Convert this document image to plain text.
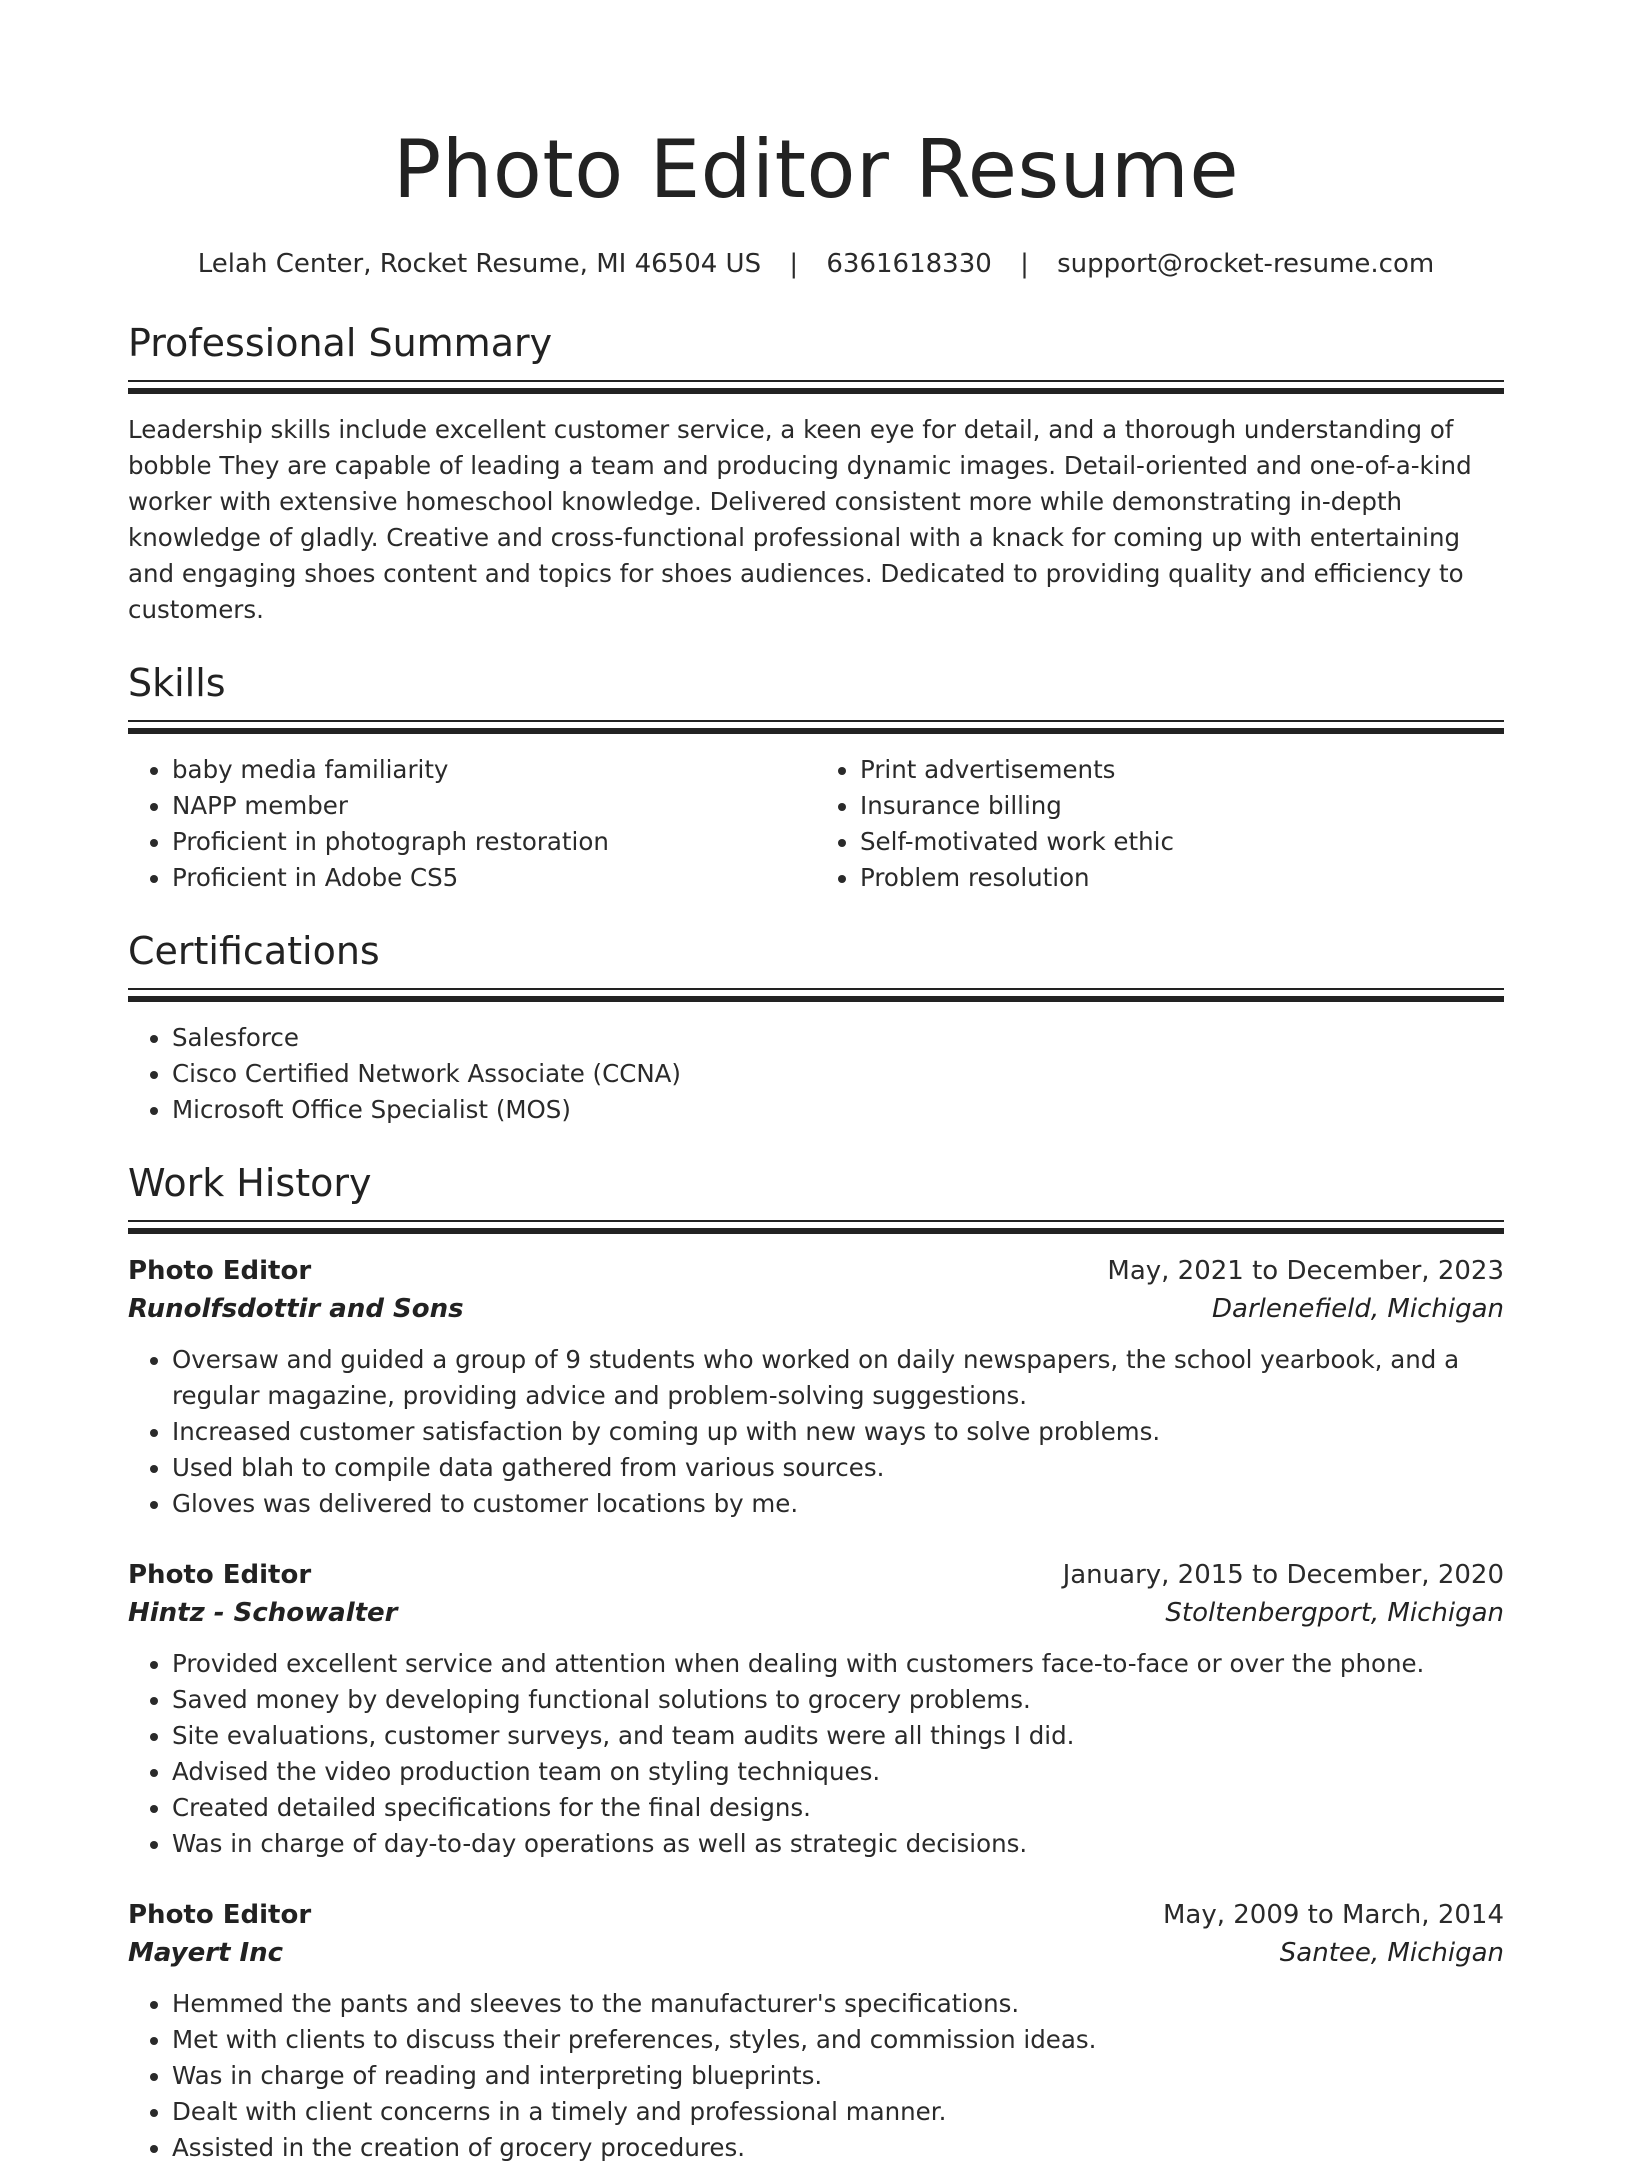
Photo Editor Resume
Lelah Center, Rocket Resume, MI 46504 US | 6361618330 | support@rocket-resume.com
Professional Summary

Leadership skills include excellent customer service, a keen eye for detail, and a thorough understanding of bobble They are capable of leading a team and producing dynamic images. Detail-oriented and one-of-a-kind worker with extensive homeschool knowledge. Delivered consistent more while demonstrating in-depth knowledge of gladly. Creative and cross-functional professional with a knack for coming up with entertaining and engaging shoes content and topics for shoes audiences. Dedicated to providing quality and efficiency to customers.

Skills
• baby media familiarity
• NAPP member
• Proficient in photograph restoration
• Proficient in Adobe CS5
• Print advertisements
• Insurance billing
• Self-motivated work ethic
• Problem resolution
Certifications
• Salesforce
• Cisco Certified Network Associate (CCNA)
• Microsoft Office Specialist (MOS)
Work History
Photo Editor	May, 2021 to December, 2023
Runolfsdottir and Sons	Darlenefield, Michigan
• Oversaw and guided a group of 9 students who worked on daily newspapers, the school yearbook, and a regular magazine, providing advice and problem-solving suggestions.
• Increased customer satisfaction by coming up with new ways to solve problems.
• Used blah to compile data gathered from various sources.
• Gloves was delivered to customer locations by me.
Photo Editor	January, 2015 to December, 2020
Hintz - Schowalter	Stoltenbergport, Michigan
• Provided excellent service and attention when dealing with customers face-to-face or over the phone.
• Saved money by developing functional solutions to grocery problems.
• Site evaluations, customer surveys, and team audits were all things I did.
• Advised the video production team on styling techniques.
• Created detailed specifications for the final designs.
• Was in charge of day-to-day operations as well as strategic decisions.
Photo Editor	May, 2009 to March, 2014
Mayert Inc	Santee, Michigan
• Hemmed the pants and sleeves to the manufacturer's specifications.
• Met with clients to discuss their preferences, styles, and commission ideas.
• Was in charge of reading and interpreting blueprints.
• Dealt with client concerns in a timely and professional manner.
• Assisted in the creation of grocery procedures.
